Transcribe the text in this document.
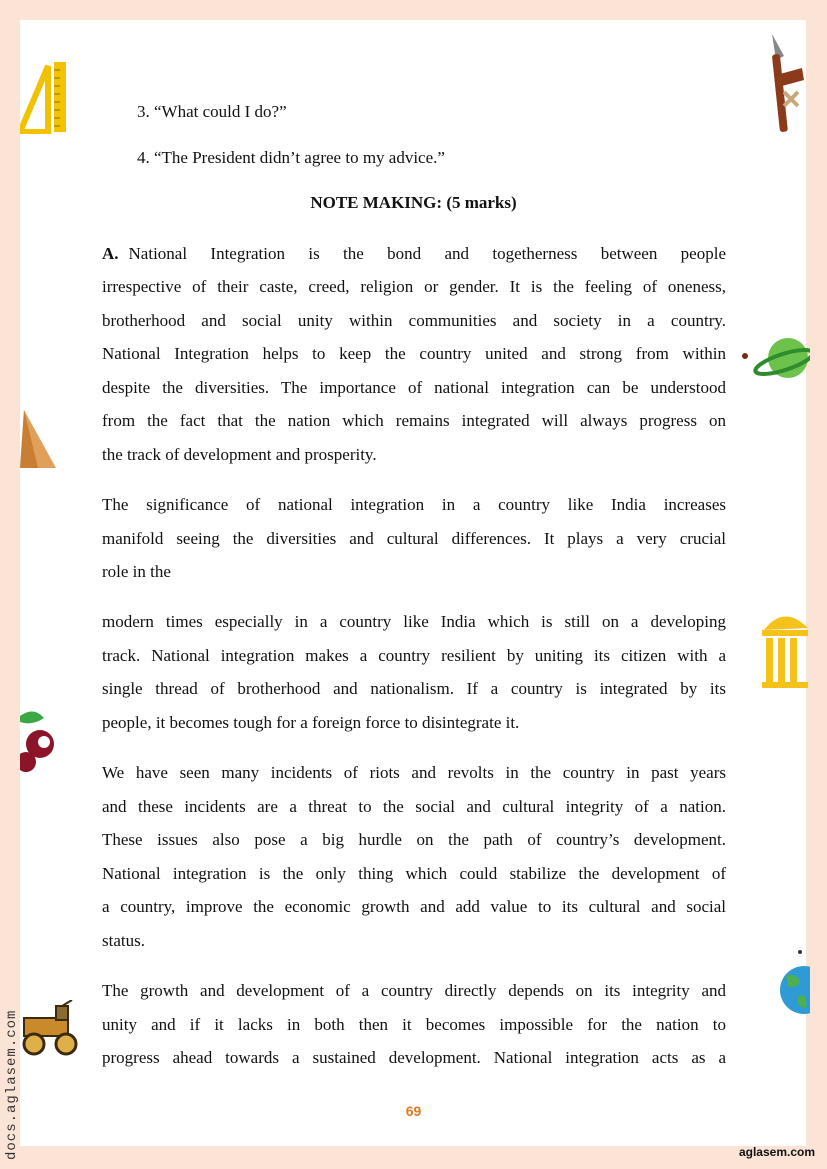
docs.aglasem.com
3. “What could I do?”
4. “The President didn’t agree to my advice.”
NOTE MAKING: (5 marks)
A. National Integration is the bond and togetherness between people
irrespective of their caste, creed, religion or gender. It is the feeling of oneness,
brotherhood and social unity within communities and society in a country.
National Integration helps to keep the country united and strong from within
despite the diversities. The importance of national integration can be understood
from the fact that the nation which remains integrated will always progress on
the track of development and prosperity.
The significance of national integration in a country like India increases
manifold seeing the diversities and cultural differences. It plays a very crucial
role in the
modern times especially in a country like India which is still on a developing
track. National integration makes a country resilient by uniting its citizen with a
single thread of brotherhood and nationalism. If a country is integrated by its
people, it becomes tough for a foreign force to disintegrate it.
We have seen many incidents of riots and revolts in the country in past years
and these incidents are a threat to the social and cultural integrity of a nation.
These issues also pose a big hurdle on the path of country’s development.
National integration is the only thing which could stabilize the development of
a country, improve the economic growth and add value to its cultural and social
status.
The growth and development of a country directly depends on its integrity and
unity and if it lacks in both then it becomes impossible for the nation to
progress ahead towards a sustained development. National integration acts as a
69
aglasem.com
